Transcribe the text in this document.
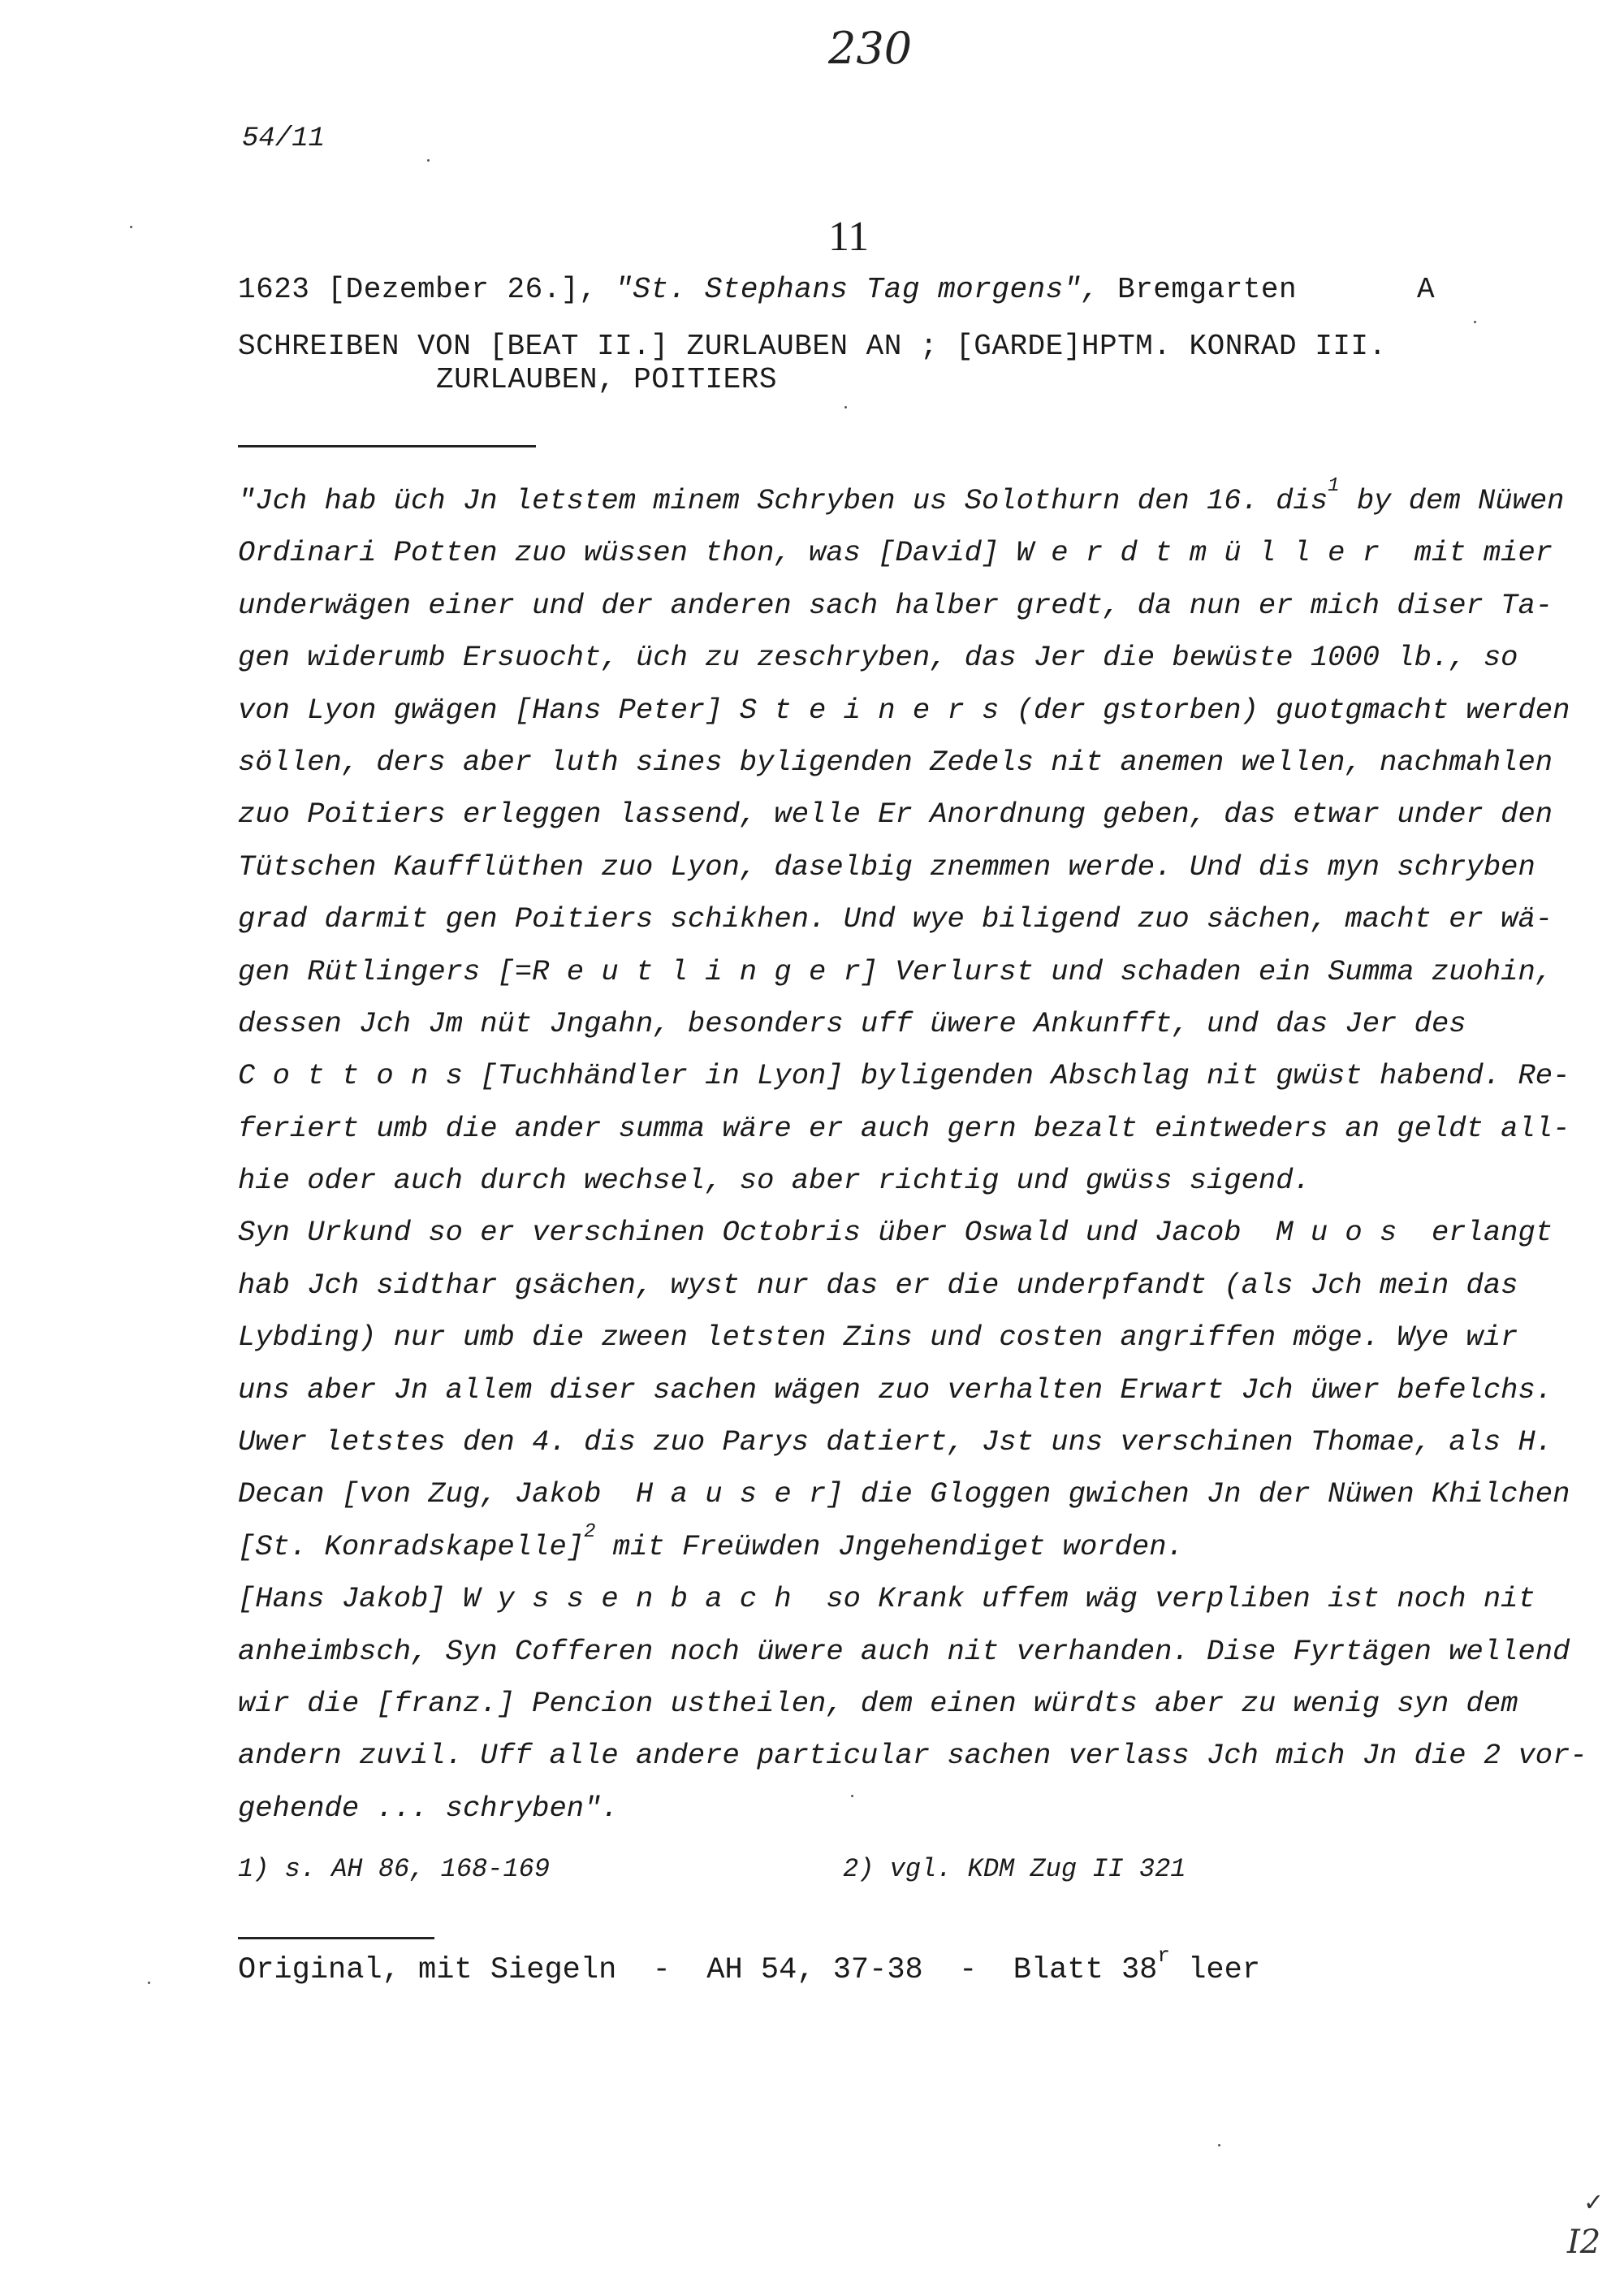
230
54/11
11
1623 [Dezember 26.], "St. Stephans Tag morgens", Bremgarten	A
SCHREIBEN VON [BEAT II.] ZURLAUBEN AN ; [GARDE]HPTM. KONRAD III.
ZURLAUBEN, POITIERS
"Jch hab üch Jn letstem minem Schryben us Solothurn den 16. dis$^1$ by dem Nüwen
Ordinari Potten zuo wüssen thon, was [David] W e r d t m ü l l e r  mit mier
underwägen einer und der anderen sach halber gredt, da nun er mich diser Ta-
gen widerumb Ersuocht, üch zu zeschryben, das Jer die bewüste 1000 lb., so
von Lyon gwägen [Hans Peter] S t e i n e r s (der gstorben) guotgmacht werden
söllen, ders aber luth sines byligenden Zedels nit anemen wellen, nachmahlen
zuo Poitiers erleggen lassend, welle Er Anordnung geben, das etwar under den
Tütschen Kaufflüthen zuo Lyon, daselbig znemmen werde. Und dis myn schryben
grad darmit gen Poitiers schikhen. Und wye biligend zuo sächen, macht er wä-
gen Rütlingers [=R e u t l i n g e r] Verlurst und schaden ein Summa zuohin,
dessen Jch Jm nüt Jngahn, besonders uff üwere Ankunfft, und das Jer des
C o t t o n s [Tuchhändler in Lyon] byligenden Abschlag nit gwüst habend. Re-
feriert umb die ander summa wäre er auch gern bezalt eintweders an geldt all-
hie oder auch durch wechsel, so aber richtig und gwüss sigend.
Syn Urkund so er verschinen Octobris über Oswald und Jacob  M u o s  erlangt
hab Jch sidthar gsächen, wyst nur das er die underpfandt (als Jch mein das
Lybding) nur umb die zween letsten Zins und costen angriffen möge. Wye wir
uns aber Jn allem diser sachen wägen zuo verhalten Erwart Jch üwer befelchs.
Uwer letstes den 4. dis zuo Parys datiert, Jst uns verschinen Thomae, als H.
Decan [von Zug, Jakob  H a u s e r] die Gloggen gwichen Jn der Nüwen Khilchen
[St. Konradskapelle]$^2$ mit Freüwden Jngehendiget worden.
[Hans Jakob] W y s s e n b a c h  so Krank uffem wäg verpliben ist noch nit
anheimbsch, Syn Cofferen noch üwere auch nit verhanden. Dise Fyrtägen wellend
wir die [franz.] Pencion ustheilen, dem einen würdts aber zu wenig syn dem
andern zuvil. Uff alle andere particular sachen verlass Jch mich Jn die 2 vor-
gehende ... schryben".
1) s. AH 86, 168-169	2) vgl. KDM Zug II 321
Original, mit Siegeln  -  AH 54, 37-38  -  Blatt 38$^r$ leer
✓
I2
